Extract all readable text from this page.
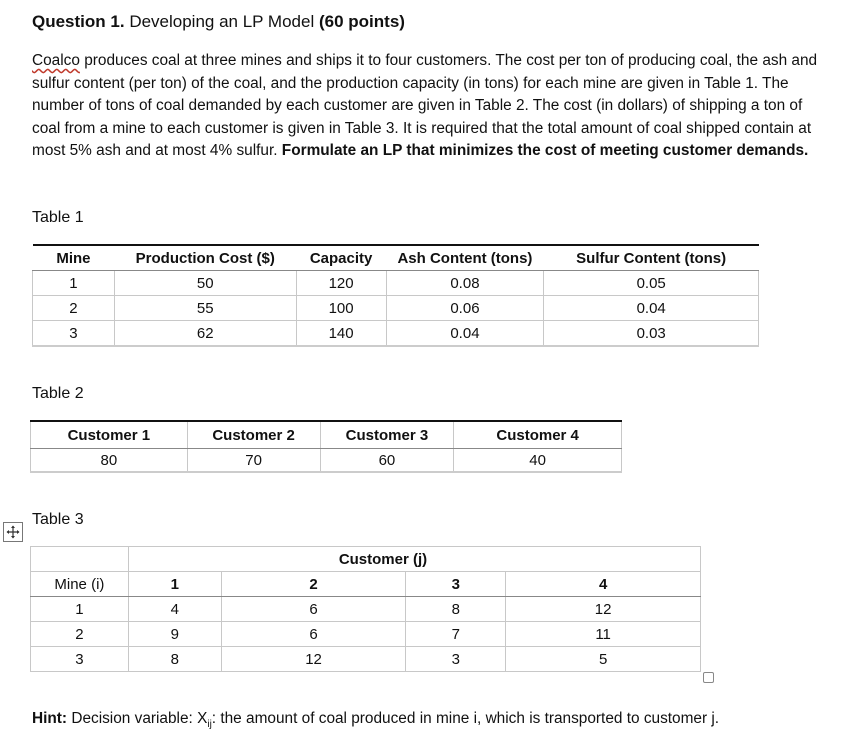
Question 1. Developing an LP Model (60 points)
Coalco produces coal at three mines and ships it to four customers. The cost per ton of producing coal, the ash and sulfur content (per ton) of the coal, and the production capacity (in tons) for each mine are given in Table 1. The number of tons of coal demanded by each customer are given in Table 2. The cost (in dollars) of shipping a ton of coal from a mine to each customer is given in Table 3. It is required that the total amount of coal shipped contain at most 5% ash and at most 4% sulfur. Formulate an LP that minimizes the cost of meeting customer demands.
Table 1
Mine	Production Cost ($)	Capacity	Ash Content (tons)	Sulfur Content (tons)
1	50	120	0.08	0.05
2	55	100	0.06	0.04
3	62	140	0.04	0.03
Table 2
Customer 1	Customer 2	Customer 3	Customer 4
80	70	60	40
Table 3
	Customer (j)			
Mine (i)	1	2	3	4
1	4	6	8	12
2	9	6	7	11
3	8	12	3	5
Hint: Decision variable: $X_{ij}$: the amount of coal produced in mine i, which is transported to customer j.
